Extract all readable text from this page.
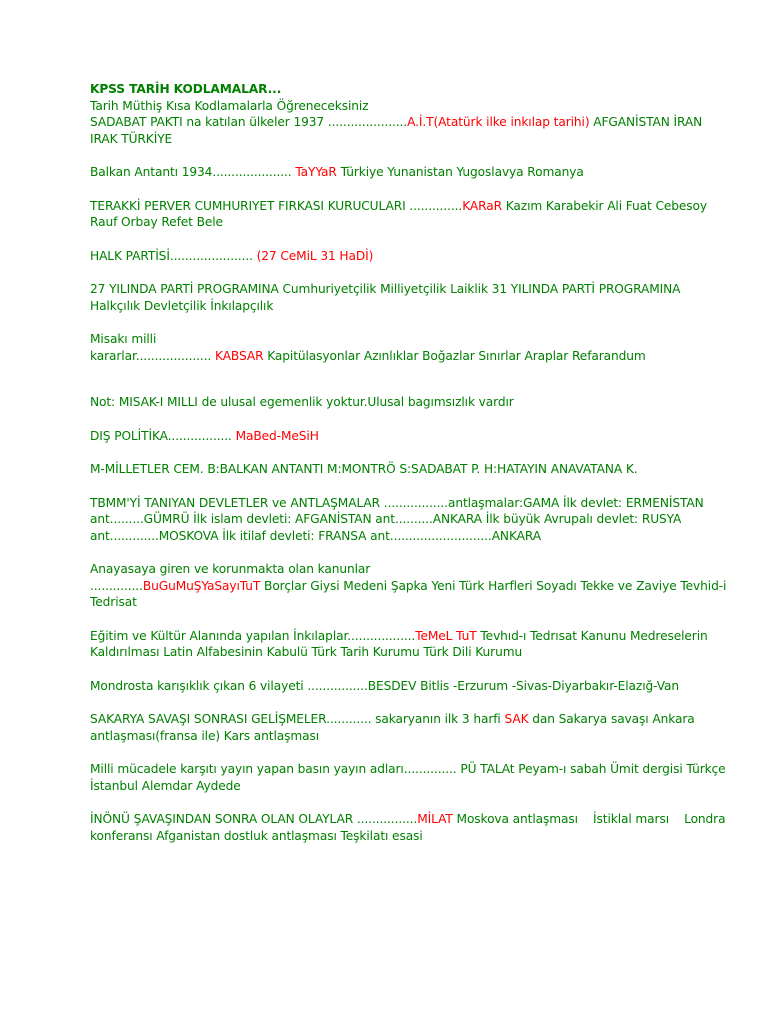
KPSS TARİH KODLAMALAR...
Tarih Müthiş Kısa Kodlamalarla Öğreneceksiniz
SADABAT PAKTI na katılan ülkeler 1937 .....................A.İ.T(Atatürk ilke inkılap tarihi) AFGANİSTAN İRAN IRAK TÜRKİYE
Balkan Antantı 1934..................... TaYYaR Türkiye Yunanistan Yugoslavya Romanya
TERAKKİ PERVER CUMHURIYET FIRKASI KURUCULARI ..............KARaR Kazım Karabekir Ali Fuat Cebesoy Rauf Orbay Refet Bele
HALK PARTİSİ...................... (27 CeMiL 31 HaDİ)
27 YILINDA PARTİ PROGRAMINA Cumhuriyetçilik Milliyetçilik Laiklik 31 YILINDA PARTİ PROGRAMINA Halkçılık Devletçilik İnkılapçılık
Misakı milli
kararlar.................... KABSAR Kapitülasyonlar Azınlıklar Boğazlar Sınırlar Araplar Refarandum
Not: MISAK-I MILLI de ulusal egemenlik yoktur.Ulusal bagımsızlık vardır
DIŞ POLİTİKA................. MaBed-MeSiH
M-MİLLETLER CEM. B:BALKAN ANTANTI M:MONTRÖ S:SADABAT P. H:HATAYIN ANAVATANA K.
TBMM'Yİ TANIYAN DEVLETLER ve ANTLAŞMALAR .................antlaşmalar:GAMA İlk devlet: ERMENİSTAN ant.........GÜMRÜ İlk islam devleti: AFGANİSTAN ant..........ANKARA İlk büyük Avrupalı devlet: RUSYA ant.............MOSKOVA İlk itilaf devleti: FRANSA ant...........................ANKARA
Anayasaya giren ve korunmakta olan kanunlar
..............BuGuMuŞYaSayıTuT Borçlar Giysi Medeni Şapka Yeni Türk Harfleri Soyadı Tekke ve Zaviye Tevhid-i Tedrisat
Eğitim ve Kültür Alanında yapılan İnkılaplar..................TeMeL TuT Tevhıd-ı Tedrısat Kanunu Medreselerin Kaldırılması Latin Alfabesinin Kabulü Türk Tarih Kurumu Türk Dili Kurumu
Mondrosta karışıklık çıkan 6 vilayeti ................BESDEV Bitlis -Erzurum -Sivas-Diyarbakır-Elazığ-Van
SAKARYA SAVAŞI SONRASI GELİŞMELER............ sakaryanın ilk 3 harfi SAK dan Sakarya savaşı Ankara antlaşması(fransa ile) Kars antlaşması
Milli mücadele karşıtı yayın yapan basın yayın adları.............. PÜ TALAt Peyam-ı sabah Ümit dergisi Türkçe İstanbul Alemdar Aydede
İNÖNÜ ŞAVAŞINDAN SONRA OLAN OLAYLAR ................MİLAT Moskova antlaşması    İstiklal marsı    Londra konferansı Afganistan dostluk antlaşması Teşkilatı esasi
